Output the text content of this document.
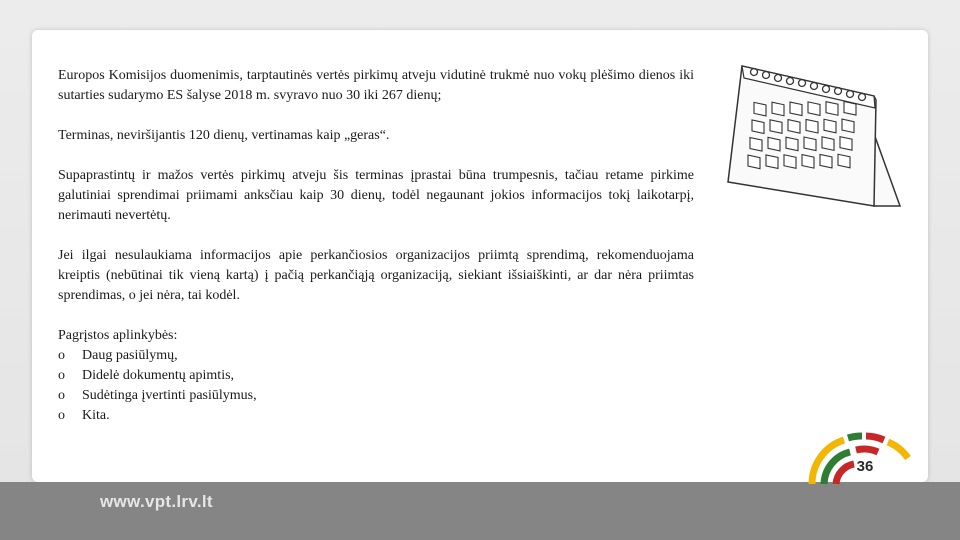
Europos Komisijos duomenimis, tarptautinės vertės pirkimų atveju vidutinė trukmė nuo vokų plėšimo dienos iki sutarties sudarymo ES šalyse 2018 m. svyravo nuo 30 iki 267 dienų;

Terminas, neviršijantis 120 dienų, vertinamas kaip „geras“.

Supaprastintų ir mažos vertės pirkimų atveju šis terminas įprastai būna trumpesnis, tačiau retame pirkime galutiniai sprendimai priimami anksčiau kaip 30 dienų, todėl negaunant jokios informacijos tokį laikotarpį, nerimauti nevertėtų.

Jei ilgai nesulaukiama informacijos apie perkančiosios organizacijos priimtą sprendimą, rekomenduojama kreiptis (nebūtinai tik vieną kartą) į pačią perkančiąją organizaciją, siekiant išsiaiškinti, ar dar nėra priimtas sprendimas, o jei nėra, tai kodėl.

Pagrįstos aplinkybės:
o	Daug pasiūlymų,
o	Didelė dokumentų apimtis,
o	Sudėtinga įvertinti pasiūlymus,
o	Kita.
www.vpt.lrv.lt
36
